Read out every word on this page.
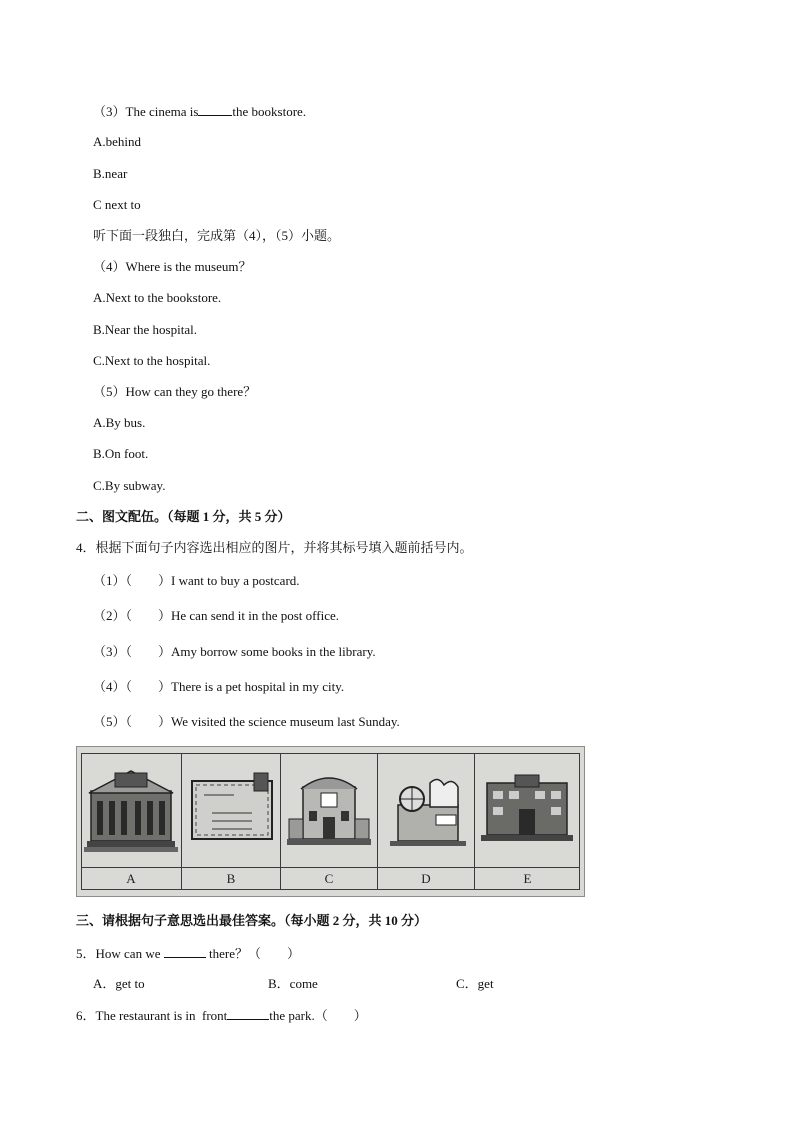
（3）The cinema is	the bookstore.
A.behind
B.near
C next to
听下面一段独白，完成第（4），（5）小题。
（4）Where is the museum？
A.Next to the bookstore.
B.Near the hospital.
C.Next to the hospital.
（5）How can they go there？
A.By bus.
B.On foot.
C.By subway.
二、图文配伍。（每题 1 分，共 5 分）
4．根据下面句子内容选出相应的图片，并将其标号填入题前括号内。
（1）（　　）I want to buy a postcard.
（2）（　　）He can send it in the post office.
（3）（　　）Amy borrow some books in the library.
（4）（　　）There is a pet hospital in my city.
（5）（　　）We visited the science museum last Sunday.
A	B	C	D	E
三、请根据句子意思选出最佳答案。（每小题 2 分，共 10 分）
5．How can we	there？（　　）
A．get to	B．come	C．get
6．The restaurant is in  front	the park.（　　）
